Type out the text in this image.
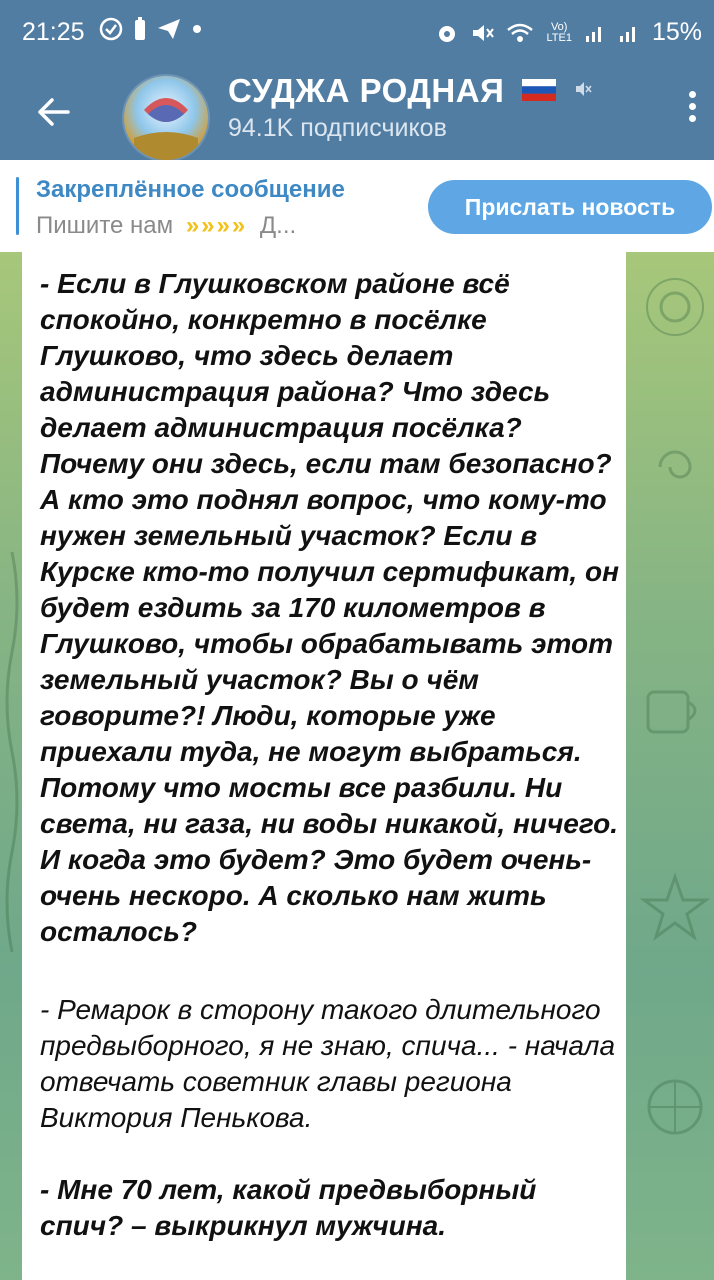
21:25	Vo)
LTE1	15%
СУДЖА РОДНАЯ
94.1K подписчиков
Закреплённое сообщение
Пишите нам »»»» Д...
Прислать новость

- Если в Глушковском районе всё спокойно, конкретно в посёлке Глушково, что здесь делает администрация района? Что здесь делает администрация посёлка? Почему они здесь, если там безопасно? А кто это поднял вопрос, что кому-то нужен земельный участок? Если в Курске кто-то получил сертификат, он будет ездить за 170 километров в Глушково, чтобы обрабатывать этот земельный участок? Вы о чём говорите?! Люди, которые уже приехали туда, не могут выбраться. Потому что мосты все разбили. Ни света, ни газа, ни воды никакой, ничего. И когда это будет? Это будет очень-очень нескоро. А сколько нам жить осталось?

- Ремарок в сторону такого длительного предвыборного, я не знаю, спича... - начала отвечать советник главы региона Виктория Пенькова.

- Мне 70 лет, какой предвыборный спич? – выкрикнул мужчина.
